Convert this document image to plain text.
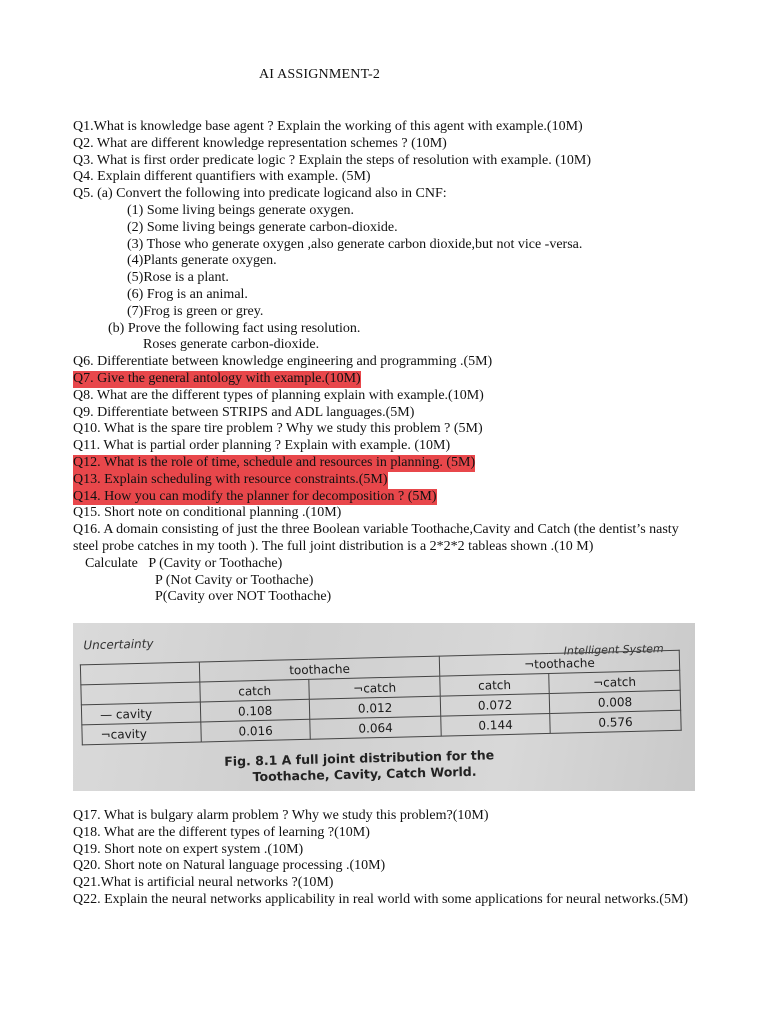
AI ASSIGNMENT-2
Q1.What is knowledge base agent ? Explain the working of this agent with example.(10M)
Q2. What are different knowledge representation schemes ? (10M)
Q3. What is first order predicate logic ? Explain the steps of resolution with example. (10M)
Q4. Explain different quantifiers with example. (5M)
Q5. (a) Convert the following into predicate logicand also in CNF:
(1) Some living beings generate oxygen.
(2) Some living beings generate carbon-dioxide.
(3) Those who generate oxygen ,also generate carbon dioxide,but not vice -versa.
(4)Plants generate oxygen.
(5)Rose is a plant.
(6) Frog is an animal.
(7)Frog is green or grey.
(b) Prove the following fact using resolution.
Roses generate carbon-dioxide.
Q6. Differentiate between knowledge engineering and programming .(5M)
Q7. Give the general antology with example.(10M)
Q8. What are the different types of planning explain with example.(10M)
Q9. Differentiate between STRIPS and ADL languages.(5M)
Q10. What is the spare tire problem ? Why we study this problem ? (5M)
Q11. What is partial order planning ? Explain with example. (10M)
Q12. What is the role of time, schedule and resources in planning. (5M)
Q13. Explain scheduling with resource constraints.(5M)
Q14. How you can modify the planner for decomposition ? (5M)
Q15. Short note on conditional planning .(10M)
Q16. A domain consisting of just the three Boolean variable Toothache,Cavity and Catch (the dentist’s nasty steel probe catches in my tooth ). The full joint distribution is a 2*2*2 tableas shown .(10 M)
Calculate P (Cavity or Toothache)
P (Not Cavity or Toothache)
P(Cavity over NOT Toothache)
Uncertainty	Intelligent System
	toothache		¬toothache	
	catch	¬catch	catch	¬catch
— cavity	0.108	0.012	0.072	0.008
¬cavity	0.016	0.064	0.144	0.576
Fig. 8.1 A full joint distribution for the
Toothache, Cavity, Catch World.
Q17. What is bulgary alarm problem ? Why we study this problem?(10M)
Q18. What are the different types of learning ?(10M)
Q19. Short note on expert system .(10M)
Q20. Short note on Natural language processing .(10M)
Q21.What is artificial neural networks ?(10M)
Q22. Explain the neural networks applicability in real world with some applications for neural networks.(5M)
